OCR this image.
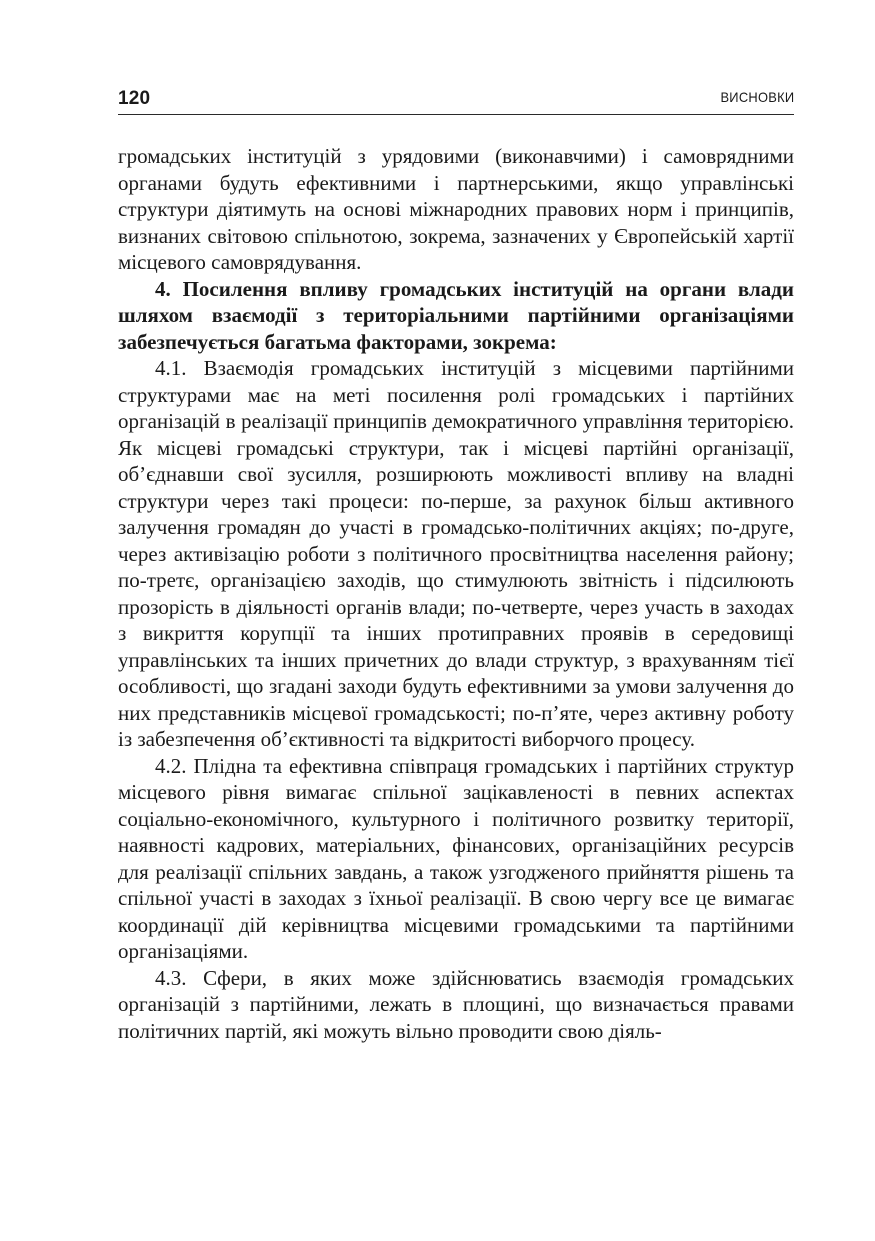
120	ВИСНОВКИ

громадських інституцій з урядовими (виконавчими) і самоврядними органами будуть ефективними і партнерськими, якщо управлінські структури діятимуть на основі міжнародних правових норм і принципів, визнаних світовою спільнотою, зокрема, зазначених у Європейській хартії місцевого самоврядування.

4. Посилення впливу громадських інституцій на органи влади шляхом взаємодії з територіальними партійними організаціями забезпечується багатьма факторами, зокрема:

4.1. Взаємодія громадських інституцій з місцевими партійними структурами має на меті посилення ролі громадських і партійних організацій в реалізації принципів демократичного управління територією. Як місцеві громадські структури, так і місцеві партійні організації, об’єднавши свої зусилля, розширюють можливості впливу на владні структури через такі процеси: по-перше, за рахунок більш активного залучення громадян до участі в громадсько-політичних акціях; по-друге, через активізацію роботи з політичного просвітництва населення району; по-третє, організацією заходів, що стимулюють звітність і підсилюють прозорість в діяльності органів влади; по-четверте, через участь в заходах з викриття корупції та інших протиправних проявів в середовищі управлінських та інших причетних до влади структур, з врахуванням тієї особливості, що згадані заходи будуть ефективними за умови залучення до них представників місцевої громадськості; по-п’яте, через активну роботу із забезпечення об’єктивності та відкритості виборчого процесу.

4.2. Плідна та ефективна співпраця громадських і партійних структур місцевого рівня вимагає спільної зацікавленості в певних аспектах соціально-економічного, культурного і політичного розвитку території, наявності кадрових, матеріальних, фінансових, організаційних ресурсів для реалізації спільних завдань, а також узгодженого прийняття рішень та спільної участі в заходах з їхньої реалізації. В свою чергу все це вимагає координації дій керівництва місцевими громадськими та партійними організаціями.

4.3. Сфери, в яких може здійснюватись взаємодія громадських організацій з партійними, лежать в площині, що визначається правами політичних партій, які можуть вільно проводити свою діяль-
